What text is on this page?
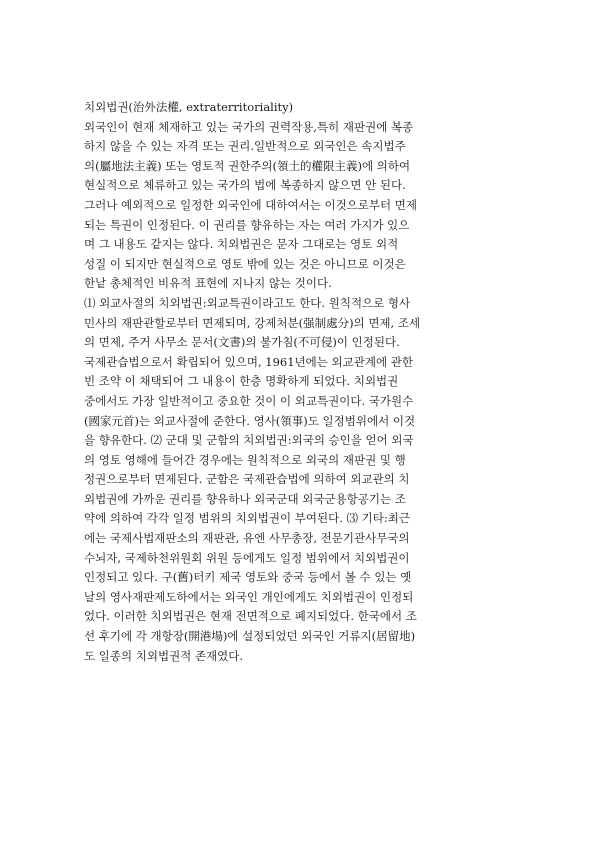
치외법권(治外法權, extraterritoriality)
외국인이 현재 체재하고 있는 국가의 권력작용,특히 재판권에 복종
하지 않을 수 있는 자격 또는 권리.일반적으로 외국인은 속지법주
의(屬地法主義) 또는 영토적 권한주의(領土的權限主義)에 의하여
현실적으로 체류하고 있는 국가의 법에 복종하지 않으면 안 된다.
그러나 예외적으로 일정한 외국인에 대하여서는 이것으로부터 면제
되는 특권이 인정된다. 이 권리를 향유하는 자는 여러 가지가 있으
며 그 내용도 같지는 않다. 치외법권은 문자 그대로는 영토 외적
성질 이 되지만 현실적으로 영토 밖에 있는 것은 아니므로 이것은
한낱 총체적인 비유적 표현에 지나지 않는 것이다.
⑴ 외교사절의 치외법권:외교특권이라고도 한다. 원칙적으로 형사
민사의 재판관할로부터 면제되며, 강제처분(强制處分)의 면제, 조세
의 면제, 주거 사무소 문서(文書)의 불가침(不可侵)이 인정된다.
국제관습법으로서 확립되어 있으며, 1961년에는 외교관계에 관한
빈 조약 이 채택되어 그 내용이 한층 명확하게 되었다. 치외법권
중에서도 가장 일반적이고 중요한 것이 이 외교특권이다. 국가원수
(國家元首)는 외교사절에 준한다. 영사(領事)도 일정범위에서 이것
을 향유한다. ⑵ 군대 및 군함의 치외법권:외국의 승인을 얻어 외국
의 영토 영해에 들어간 경우에는 원칙적으로 외국의 재판권 및 행
정권으로부터 면제된다. 군함은 국제관습법에 의하여 외교관의 치
외법권에 가까운 권리를 향유하나 외국군대 외국군용항공기는 조
약에 의하여 각각 일정 범위의 치외법권이 부여된다. ⑶ 기타:최근
에는 국제사법재판소의 재판관, 유엔 사무총장, 전문기관사무국의
수뇌자, 국제하천위원회 위원 등에게도 일정 범위에서 치외법권이
인정되고 있다. 구(舊)터키 제국 영토와 중국 등에서 볼 수 있는 옛
날의 영사재판제도하에서는 외국인 개인에게도 치외법권이 인정되
었다. 이러한 치외법권은 현재 전면적으로 폐지되었다. 한국에서 조
선 후기에 각 개항장(開港場)에 설정되었던 외국인 거류지(居留地)
도 일종의 치외법권적 존재였다.
